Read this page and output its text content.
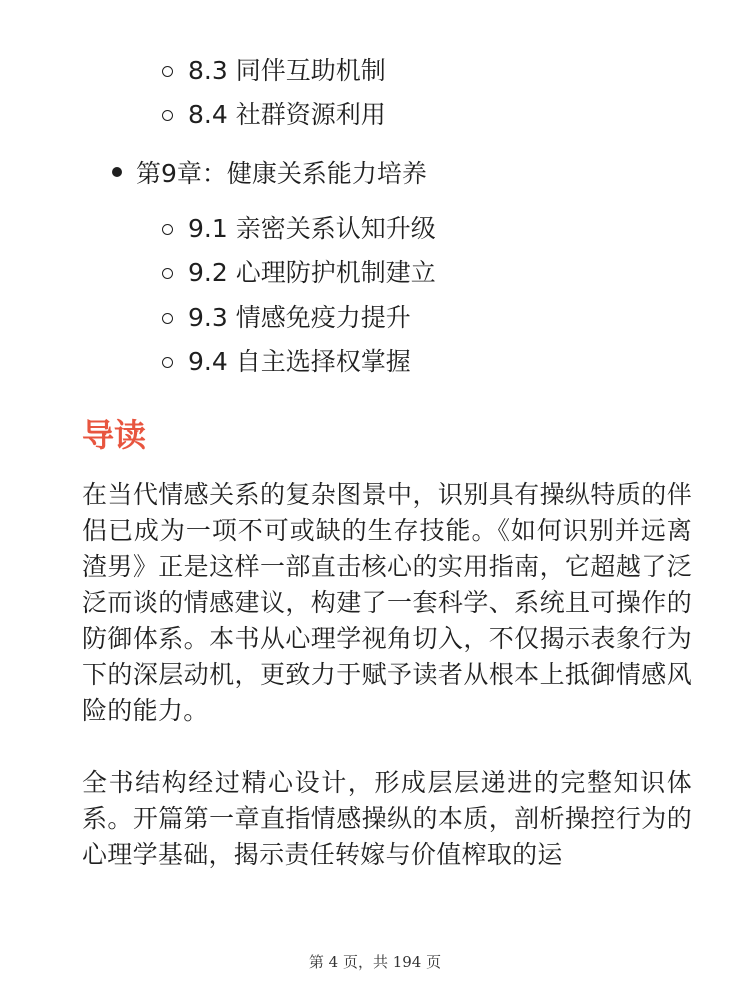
8.3 同伴互助机制
8.4 社群资源利用
第9章：健康关系能力培养
9.1 亲密关系认知升级
9.2 心理防护机制建立
9.3 情感免疫力提升
9.4 自主选择权掌握
导读

在当代情感关系的复杂图景中，识别具有操纵特质的伴侣已成为一项不可或缺的生存技能。《如何识别并远离渣男》正是这样一部直击核心的实用指南，它超越了泛泛而谈的情感建议，构建了一套科学、系统且可操作的防御体系。本书从心理学视角切入，不仅揭示表象行为下的深层动机，更致力于赋予读者从根本上抵御情感风险的能力。

全书结构经过精心设计，形成层层递进的完整知识体系。开篇第一章直指情感操纵的本质，剖析操控行为的心理学基础，揭示责任转嫁与价值榨取的运

第 4 页，共 194 页
